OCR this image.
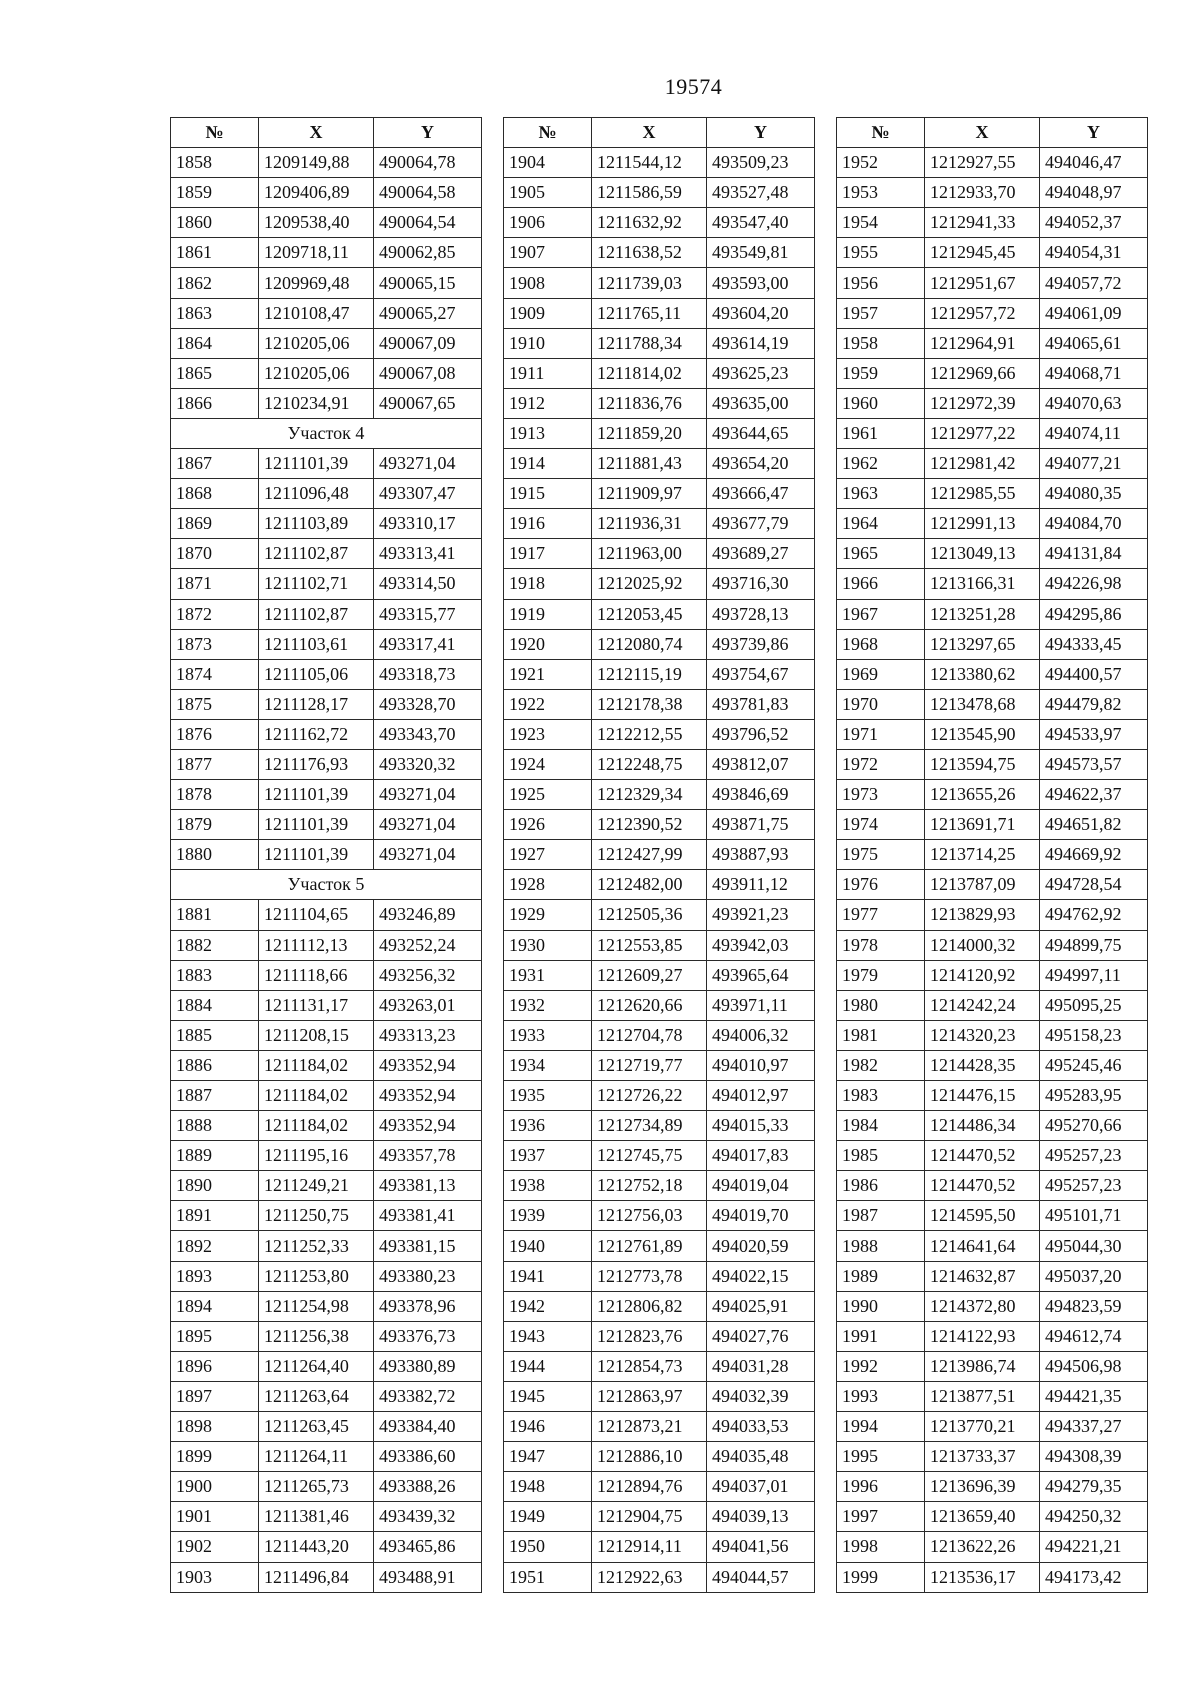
19574
№	X	Y
1858	1209149,88	490064,78
1859	1209406,89	490064,58
1860	1209538,40	490064,54
1861	1209718,11	490062,85
1862	1209969,48	490065,15
1863	1210108,47	490065,27
1864	1210205,06	490067,09
1865	1210205,06	490067,08
1866	1210234,91	490067,65
Участок 4		
1867	1211101,39	493271,04
1868	1211096,48	493307,47
1869	1211103,89	493310,17
1870	1211102,87	493313,41
1871	1211102,71	493314,50
1872	1211102,87	493315,77
1873	1211103,61	493317,41
1874	1211105,06	493318,73
1875	1211128,17	493328,70
1876	1211162,72	493343,70
1877	1211176,93	493320,32
1878	1211101,39	493271,04
1879	1211101,39	493271,04
1880	1211101,39	493271,04
Участок 5		
1881	1211104,65	493246,89
1882	1211112,13	493252,24
1883	1211118,66	493256,32
1884	1211131,17	493263,01
1885	1211208,15	493313,23
1886	1211184,02	493352,94
1887	1211184,02	493352,94
1888	1211184,02	493352,94
1889	1211195,16	493357,78
1890	1211249,21	493381,13
1891	1211250,75	493381,41
1892	1211252,33	493381,15
1893	1211253,80	493380,23
1894	1211254,98	493378,96
1895	1211256,38	493376,73
1896	1211264,40	493380,89
1897	1211263,64	493382,72
1898	1211263,45	493384,40
1899	1211264,11	493386,60
1900	1211265,73	493388,26
1901	1211381,46	493439,32
1902	1211443,20	493465,86
1903	1211496,84	493488,91
№	X	Y
1904	1211544,12	493509,23
1905	1211586,59	493527,48
1906	1211632,92	493547,40
1907	1211638,52	493549,81
1908	1211739,03	493593,00
1909	1211765,11	493604,20
1910	1211788,34	493614,19
1911	1211814,02	493625,23
1912	1211836,76	493635,00
1913	1211859,20	493644,65
1914	1211881,43	493654,20
1915	1211909,97	493666,47
1916	1211936,31	493677,79
1917	1211963,00	493689,27
1918	1212025,92	493716,30
1919	1212053,45	493728,13
1920	1212080,74	493739,86
1921	1212115,19	493754,67
1922	1212178,38	493781,83
1923	1212212,55	493796,52
1924	1212248,75	493812,07
1925	1212329,34	493846,69
1926	1212390,52	493871,75
1927	1212427,99	493887,93
1928	1212482,00	493911,12
1929	1212505,36	493921,23
1930	1212553,85	493942,03
1931	1212609,27	493965,64
1932	1212620,66	493971,11
1933	1212704,78	494006,32
1934	1212719,77	494010,97
1935	1212726,22	494012,97
1936	1212734,89	494015,33
1937	1212745,75	494017,83
1938	1212752,18	494019,04
1939	1212756,03	494019,70
1940	1212761,89	494020,59
1941	1212773,78	494022,15
1942	1212806,82	494025,91
1943	1212823,76	494027,76
1944	1212854,73	494031,28
1945	1212863,97	494032,39
1946	1212873,21	494033,53
1947	1212886,10	494035,48
1948	1212894,76	494037,01
1949	1212904,75	494039,13
1950	1212914,11	494041,56
1951	1212922,63	494044,57
№	X	Y
1952	1212927,55	494046,47
1953	1212933,70	494048,97
1954	1212941,33	494052,37
1955	1212945,45	494054,31
1956	1212951,67	494057,72
1957	1212957,72	494061,09
1958	1212964,91	494065,61
1959	1212969,66	494068,71
1960	1212972,39	494070,63
1961	1212977,22	494074,11
1962	1212981,42	494077,21
1963	1212985,55	494080,35
1964	1212991,13	494084,70
1965	1213049,13	494131,84
1966	1213166,31	494226,98
1967	1213251,28	494295,86
1968	1213297,65	494333,45
1969	1213380,62	494400,57
1970	1213478,68	494479,82
1971	1213545,90	494533,97
1972	1213594,75	494573,57
1973	1213655,26	494622,37
1974	1213691,71	494651,82
1975	1213714,25	494669,92
1976	1213787,09	494728,54
1977	1213829,93	494762,92
1978	1214000,32	494899,75
1979	1214120,92	494997,11
1980	1214242,24	495095,25
1981	1214320,23	495158,23
1982	1214428,35	495245,46
1983	1214476,15	495283,95
1984	1214486,34	495270,66
1985	1214470,52	495257,23
1986	1214470,52	495257,23
1987	1214595,50	495101,71
1988	1214641,64	495044,30
1989	1214632,87	495037,20
1990	1214372,80	494823,59
1991	1214122,93	494612,74
1992	1213986,74	494506,98
1993	1213877,51	494421,35
1994	1213770,21	494337,27
1995	1213733,37	494308,39
1996	1213696,39	494279,35
1997	1213659,40	494250,32
1998	1213622,26	494221,21
1999	1213536,17	494173,42
